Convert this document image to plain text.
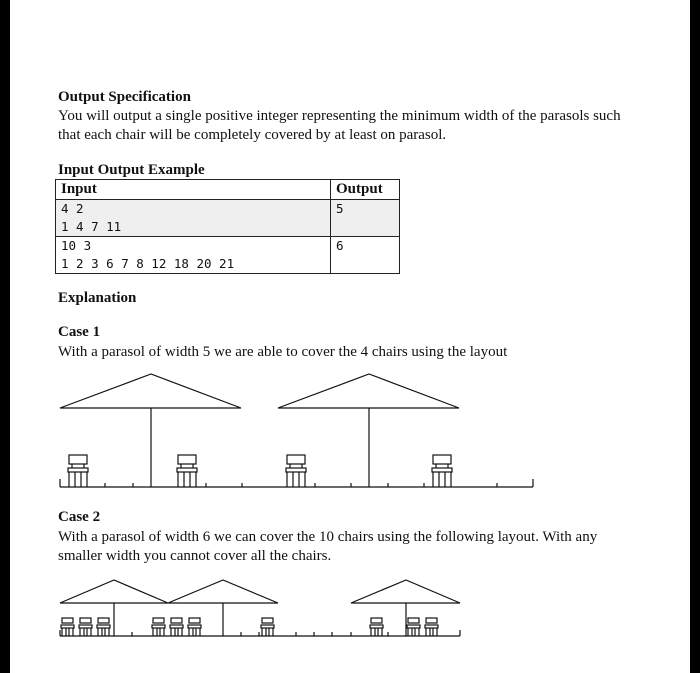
Output Specification
You will output a single positive integer representing the minimum width of the parasols such
that each chair will be completely covered by at least on parasol.
Input Output Example
Input	Output

4 2
1 4 7 11	5

10 3
1 2 3 6 7 8 12 18 20 21	6
Explanation
Case 1
With a parasol of width 5 we are able to cover the 4 chairs using the layout
Case 2
With a parasol of width 6 we can cover the 10 chairs using the following layout. With any
smaller width you cannot cover all the chairs.
